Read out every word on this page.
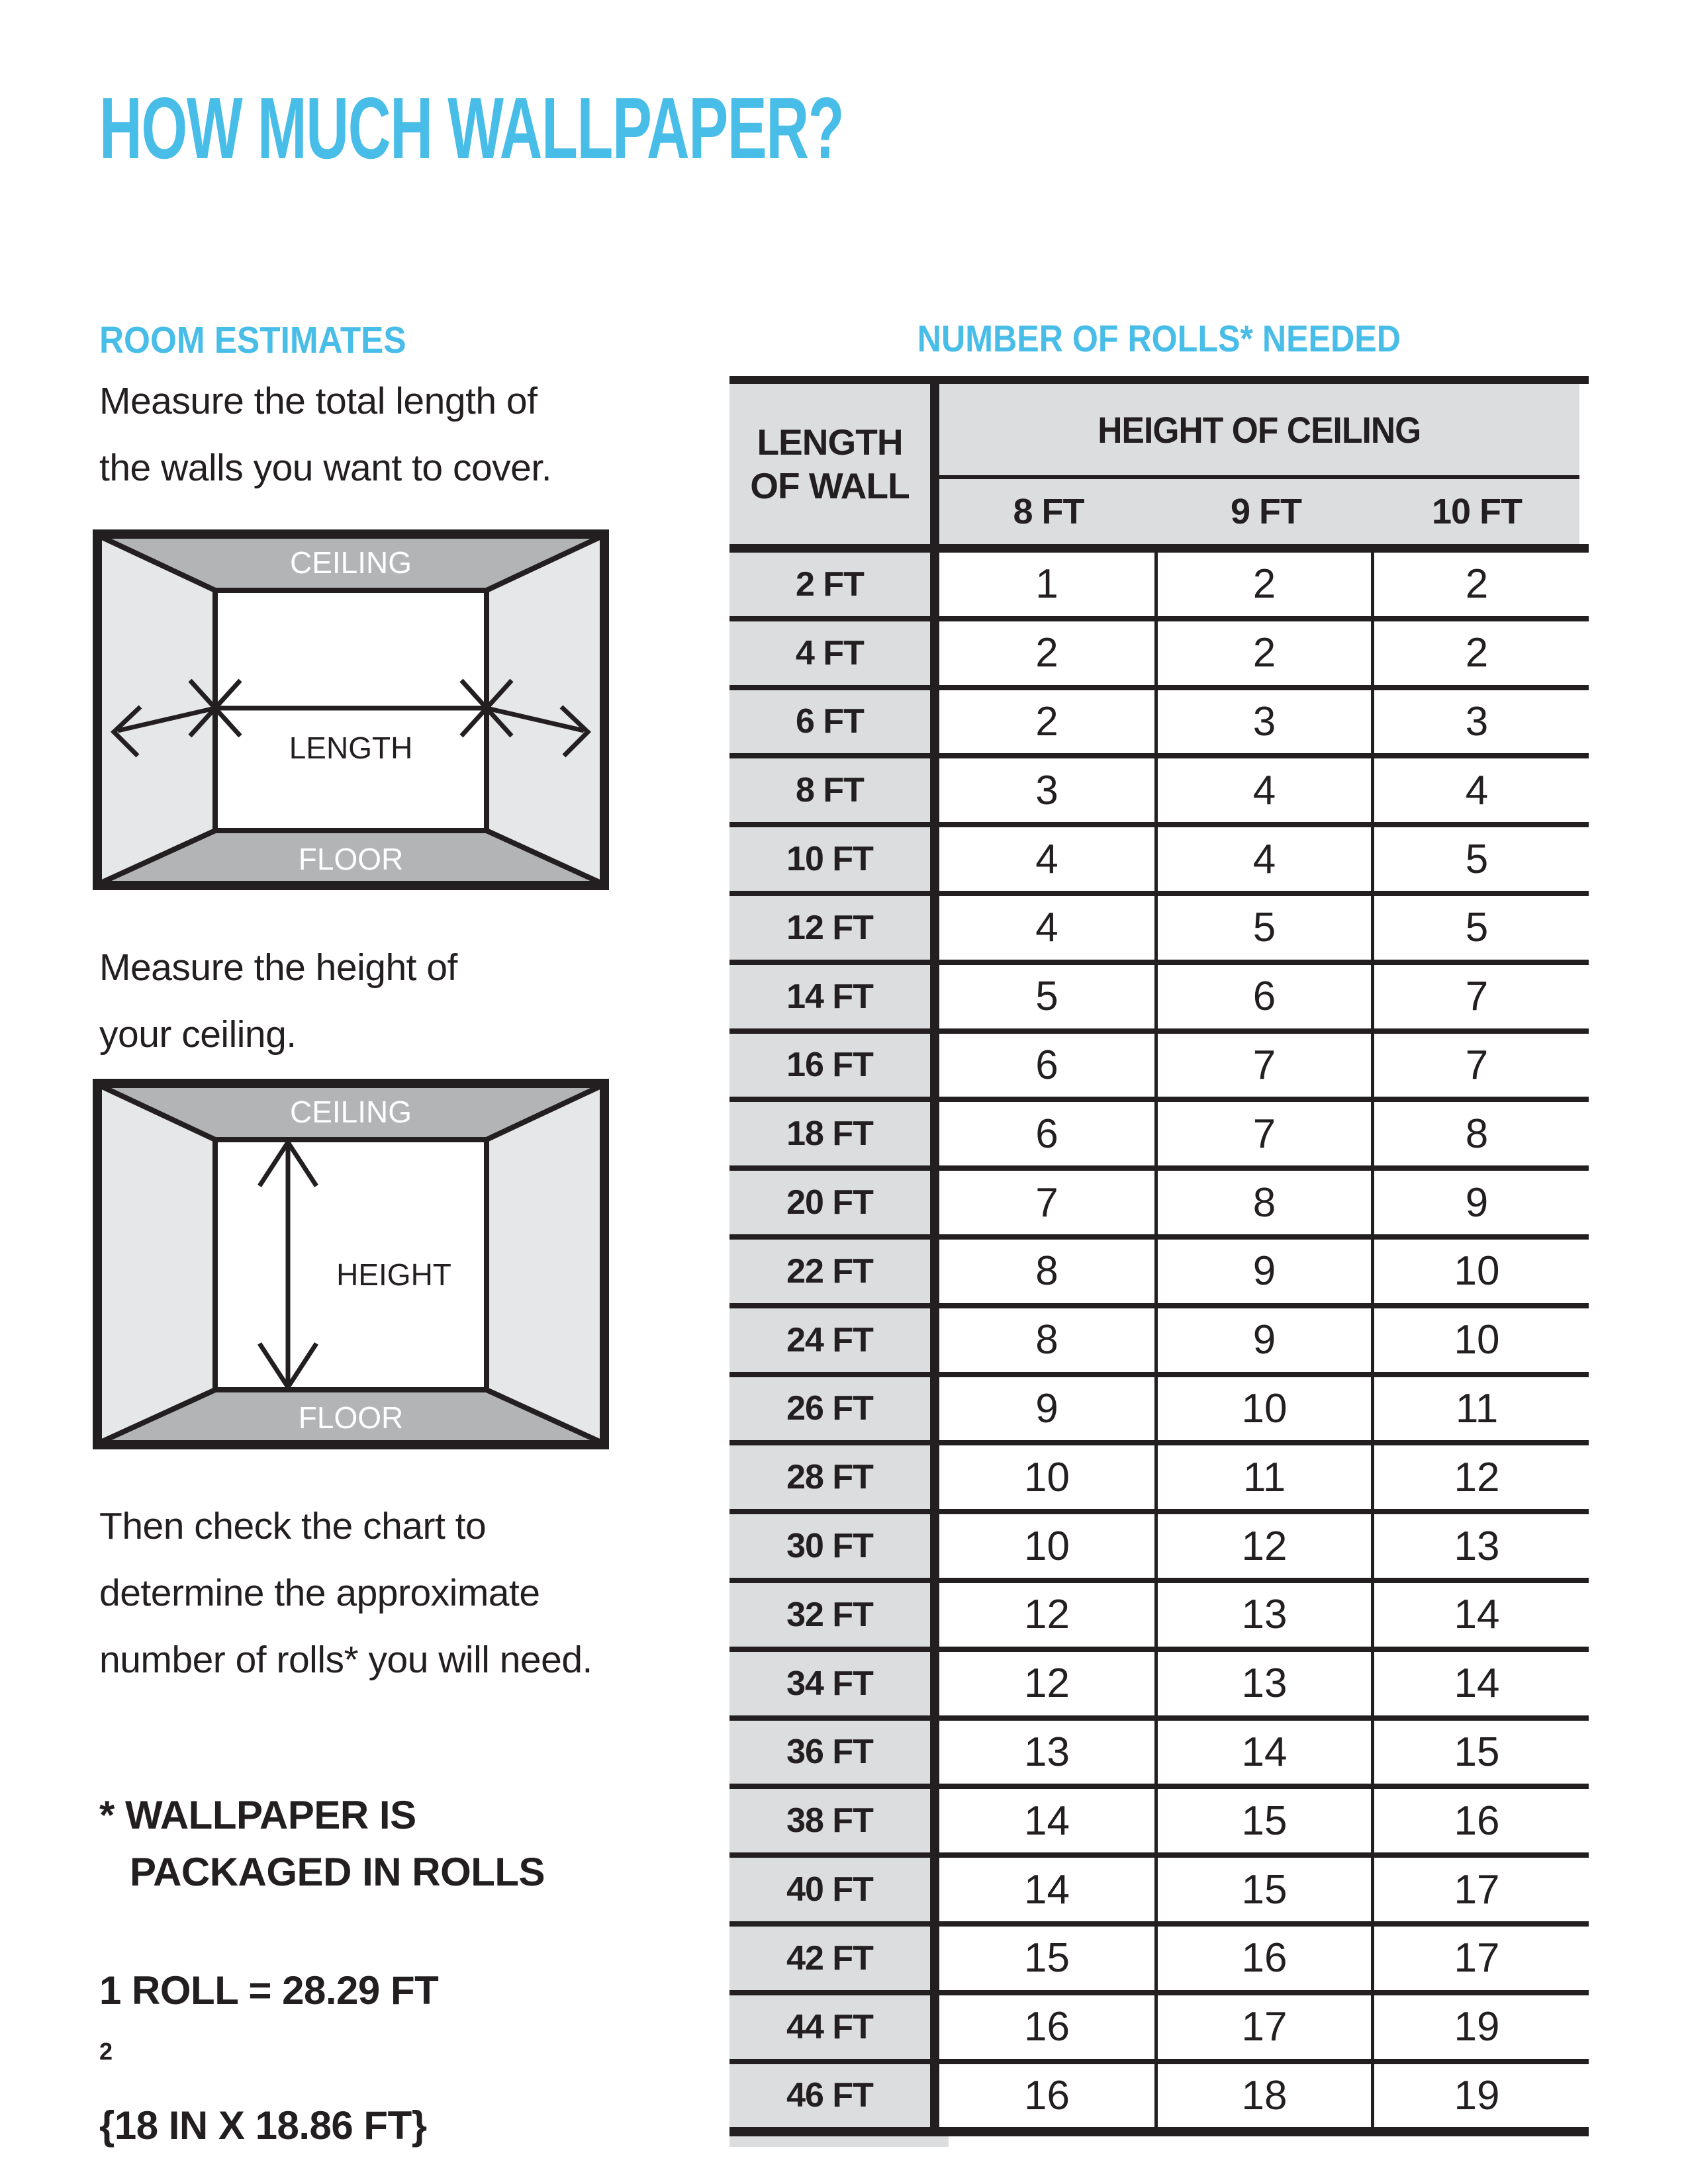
HOW MUCH WALLPAPER?
ROOM ESTIMATES
Measure the total length of
the walls you want to cover.
CEILING
LENGTH
FLOOR
Measure the height of
your ceiling.
CEILING
HEIGHT
FLOOR
Then check the chart to
determine the approximate
number of rolls* you will need.
* WALLPAPER IS
PACKAGED IN ROLLS
1 ROLL = 28.29 FT
$^2$
{18 IN X 18.86 FT}
NUMBER OF ROLLS* NEEDED
LENGTH
OF WALL
HEIGHT OF CEILING
8 FT	9 FT	10 FT
2 FT	1	2	2
4 FT	2	2	2
6 FT	2	3	3
8 FT	3	4	4
10 FT	4	4	5
12 FT	4	5	5
14 FT	5	6	7
16 FT	6	7	7
18 FT	6	7	8
20 FT	7	8	9
22 FT	8	9	10
24 FT	8	9	10
26 FT	9	10	11
28 FT	10	11	12
30 FT	10	12	13
32 FT	12	13	14
34 FT	12	13	14
36 FT	13	14	15
38 FT	14	15	16
40 FT	14	15	17
42 FT	15	16	17
44 FT	16	17	19
46 FT	16	18	19
